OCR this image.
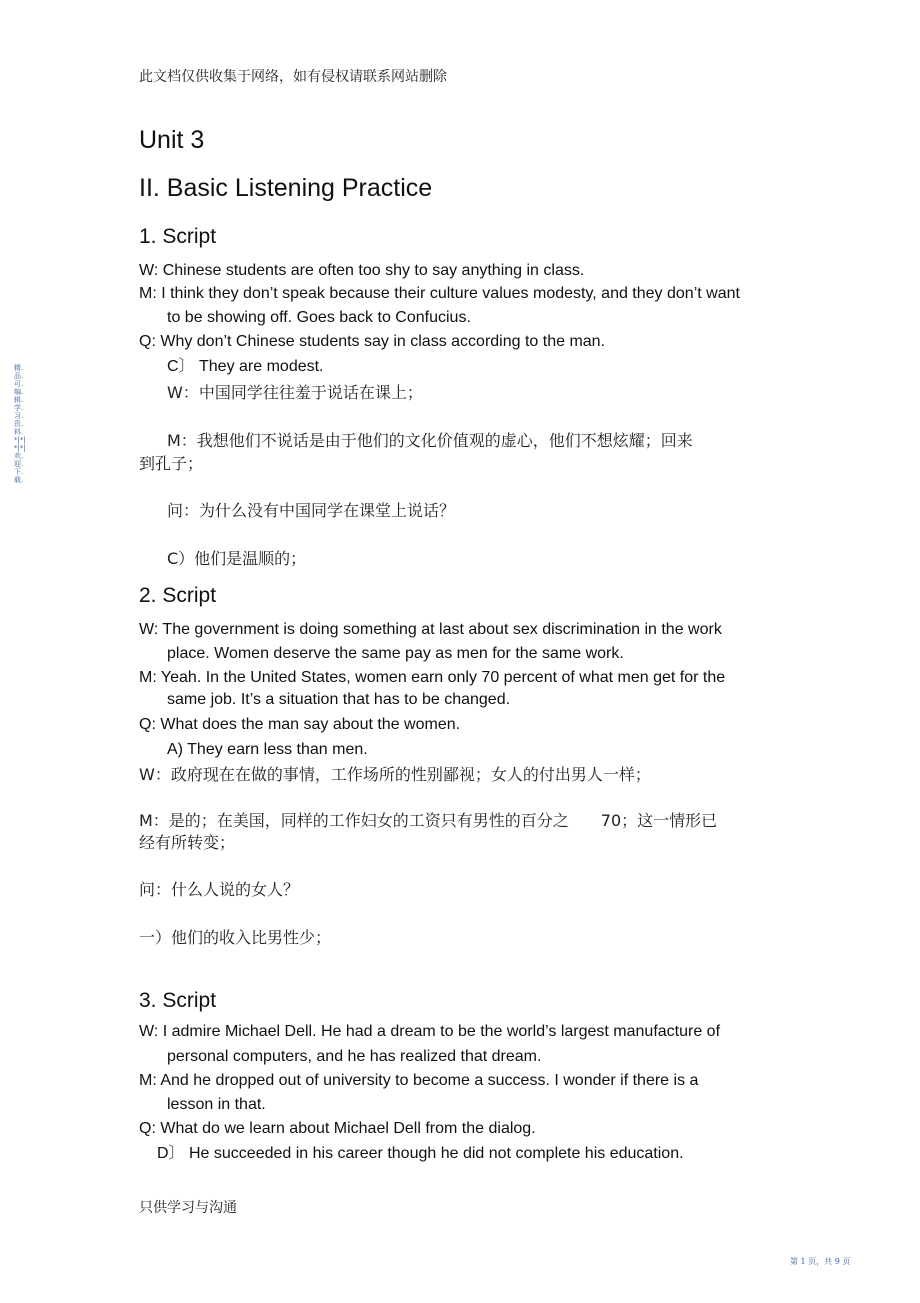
此文档仅供收集于网络，如有侵权请联系网站删除
精.品.可.编.辑.学.习.资.料.*|*|*|*|欢.迎.下.载.
Unit 3
II. Basic Listening Practice
1. Script
W: Chinese students are often too shy to say anything in class.
M: I think they don’t speak because their culture values modesty, and they don’t want
to be showing off. Goes back to Confucius.
Q: Why don’t Chinese students say in class according to the man.
C〕 They are modest.
W：中国同学往往羞于说话在课上；
M：我想他们不说话是由于他们的文化价值观的虚心，他们不想炫耀；回来
到孔子；
问：为什么没有中国同学在课堂上说话？
C）他们是温顺的；
2. Script
W: The government is doing something at last about sex discrimination in the work
place. Women deserve the same pay as men for the same work.
M: Yeah. In the United States, women earn only 70 percent of what men get for the
same job. It’s a situation that has to be changed.
Q: What does the man say about the women.
A) They earn less than men.
W：政府现在在做的事情，工作场所的性别鄙视；女人的付出男人一样；
M：是的；在美国，同样的工作妇女的工资只有男性的百分之　　70；这一情形已
经有所转变；
问：什么人说的女人？
一）他们的收入比男性少；
3. Script
W: I admire Michael Dell. He had a dream to be the world’s largest manufacture of
personal computers, and he has realized that dream.
M: And he dropped out of university to become a success. I wonder if there is a
lesson in that.
Q: What do we learn about Michael Dell from the dialog.
D〕 He succeeded in his career though he did not complete his education.
只供学习与沟通
第 1 页，共 9 页
